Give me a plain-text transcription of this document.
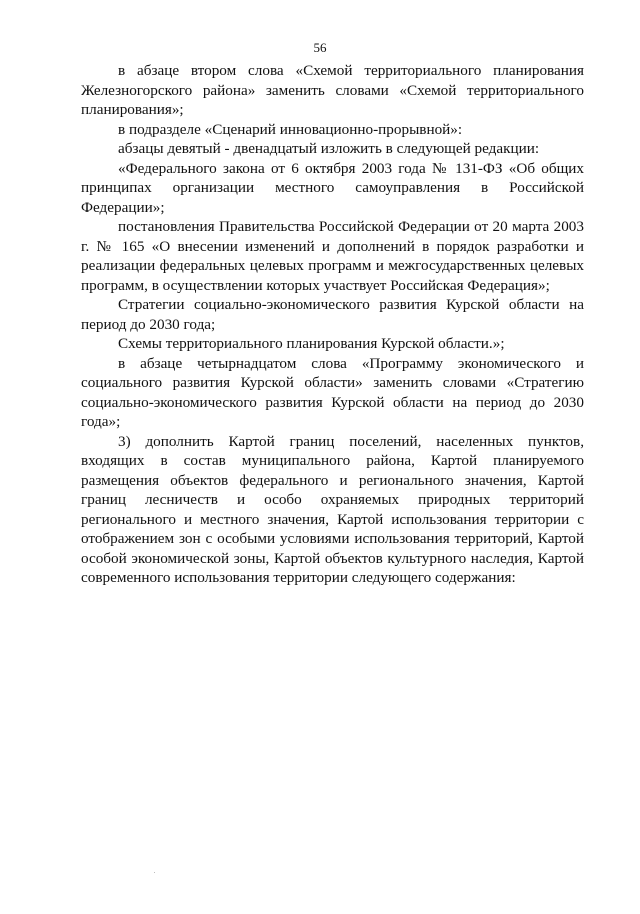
56

в абзаце втором слова «Схемой территориального планирования Железногорского района» заменить словами «Схемой территориального планирования»;

в подразделе «Сценарий инновационно-прорывной»:

абзацы девятый - двенадцатый изложить в следующей редакции:

«Федерального закона от 6 октября 2003 года № 131-ФЗ «Об общих принципах организации местного самоуправления в Российской Федерации»;

постановления Правительства Российской Федерации от 20 марта 2003 г. № 165 «О внесении изменений и дополнений в порядок разработки и реализации федеральных целевых программ и межгосударственных целевых программ, в осуществлении которых участвует Российская Федерация»;

Стратегии социально-экономического развития Курской области на период до 2030 года;

Схемы территориального планирования Курской области.»;

в абзаце четырнадцатом слова «Программу экономического и социального развития Курской области» заменить словами «Стратегию социально-экономического развития Курской области на период до 2030 года»;

3) дополнить Картой границ поселений, населенных пунктов, входящих в состав муниципального района, Картой планируемого размещения объектов федерального и регионального значения, Картой границ лесничеств и особо охраняемых природных территорий регионального и местного значения, Картой использования территории с отображением зон с особыми условиями использования территорий, Картой особой экономической зоны, Картой объектов культурного наследия, Картой современного использования территории следующего содержания:
